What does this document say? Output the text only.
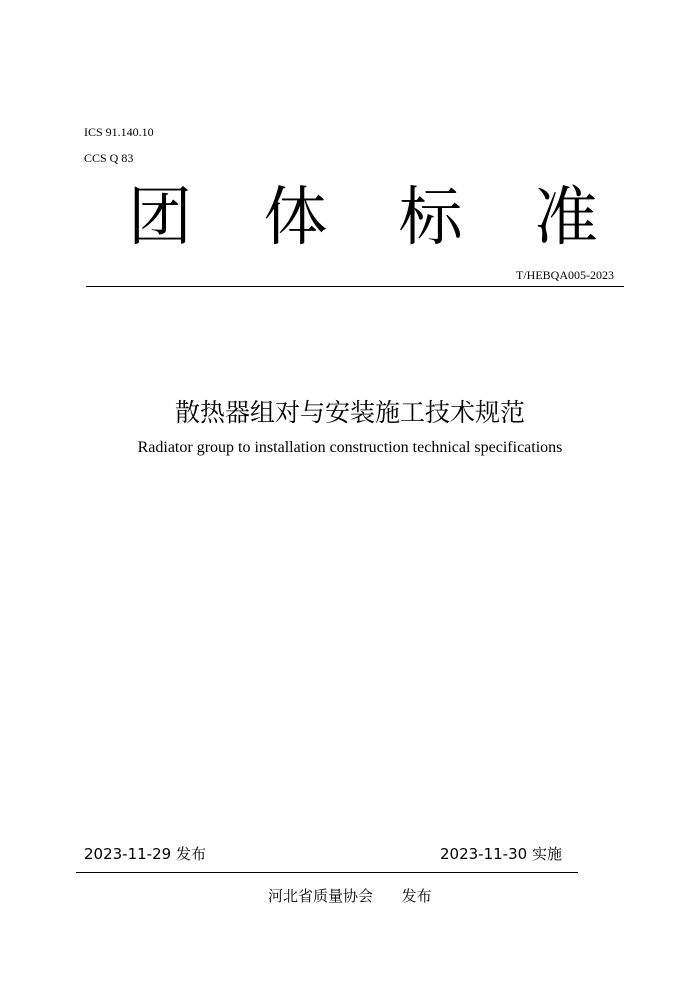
ICS 91.140.10
CCS Q 83
团 体 标 准
T/HEBQA005-2023
散热器组对与安装施工技术规范
Radiator group to installation construction technical specifications
2023-11-29 发布	2023-11-30 实施
河北省质量协会 发布
